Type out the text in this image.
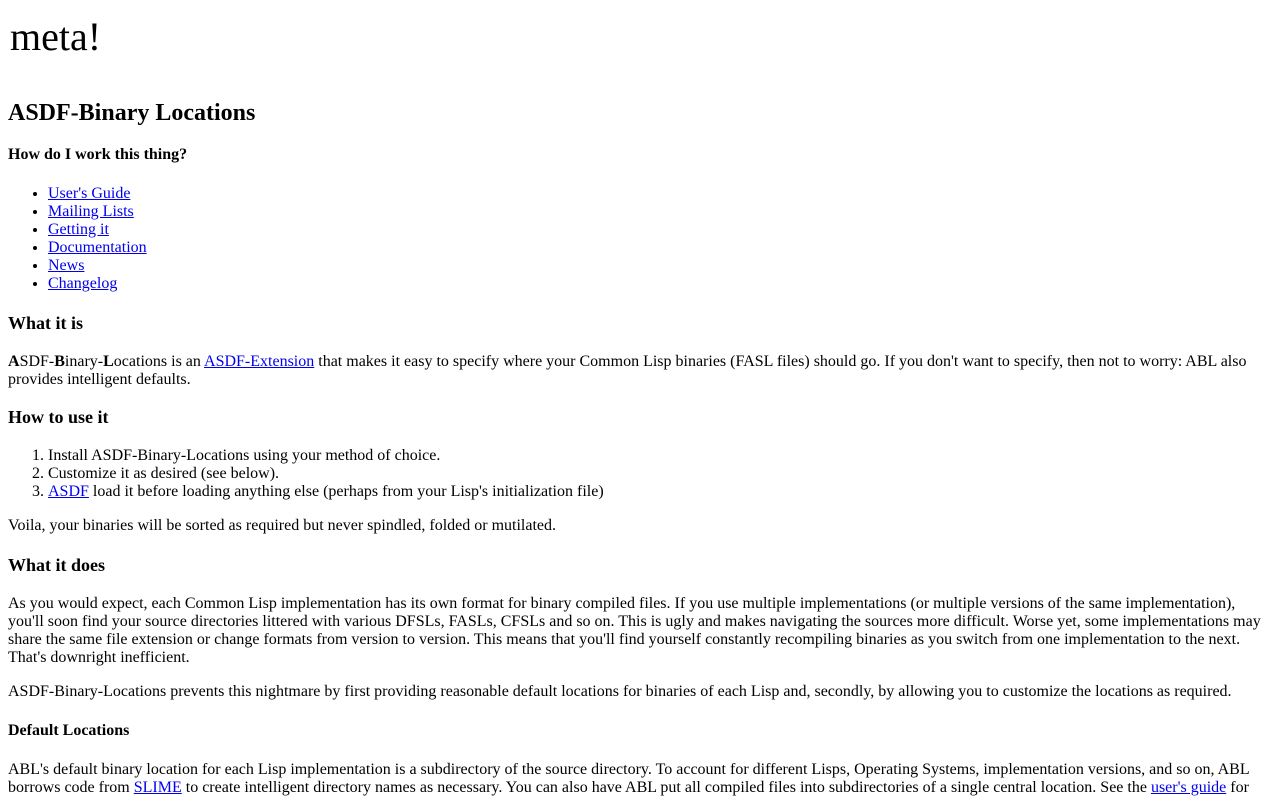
meta!
ASDF-Binary Locations
How do I work this thing?
• User's Guide
• Mailing Lists
• Getting it
• Documentation
• News
• Changelog
What it is

ASDF-Binary-Locations is an ASDF-Extension that makes it easy to specify where your Common Lisp binaries (FASL files) should go. If you don't want to specify, then not to worry: ABL also provides intelligent defaults.

How to use it
1. Install ASDF-Binary-Locations using your method of choice.
2. Customize it as desired (see below).
3. ASDF load it before loading anything else (perhaps from your Lisp's initialization file)

Voila, your binaries will be sorted as required but never spindled, folded or mutilated.

What it does

As you would expect, each Common Lisp implementation has its own format for binary compiled files. If you use multiple implementations (or multiple versions of the same implementation), you'll soon find your source directories littered with various DFSLs, FASLs, CFSLs and so on. This is ugly and makes navigating the sources more difficult. Worse yet, some implementations may share the same file extension or change formats from version to version. This means that you'll find yourself constantly recompiling binaries as you switch from one implementation to the next. That's downright inefficient.

ASDF-Binary-Locations prevents this nightmare by first providing reasonable default locations for binaries of each Lisp and, secondly, by allowing you to customize the locations as required.

Default Locations

ABL's default binary location for each Lisp implementation is a subdirectory of the source directory. To account for different Lisps, Operating Systems, implementation versions, and so on, ABL borrows code from SLIME to create intelligent directory names as necessary. You can also have ABL put all compiled files into subdirectories of a single central location. See the user's guide for
